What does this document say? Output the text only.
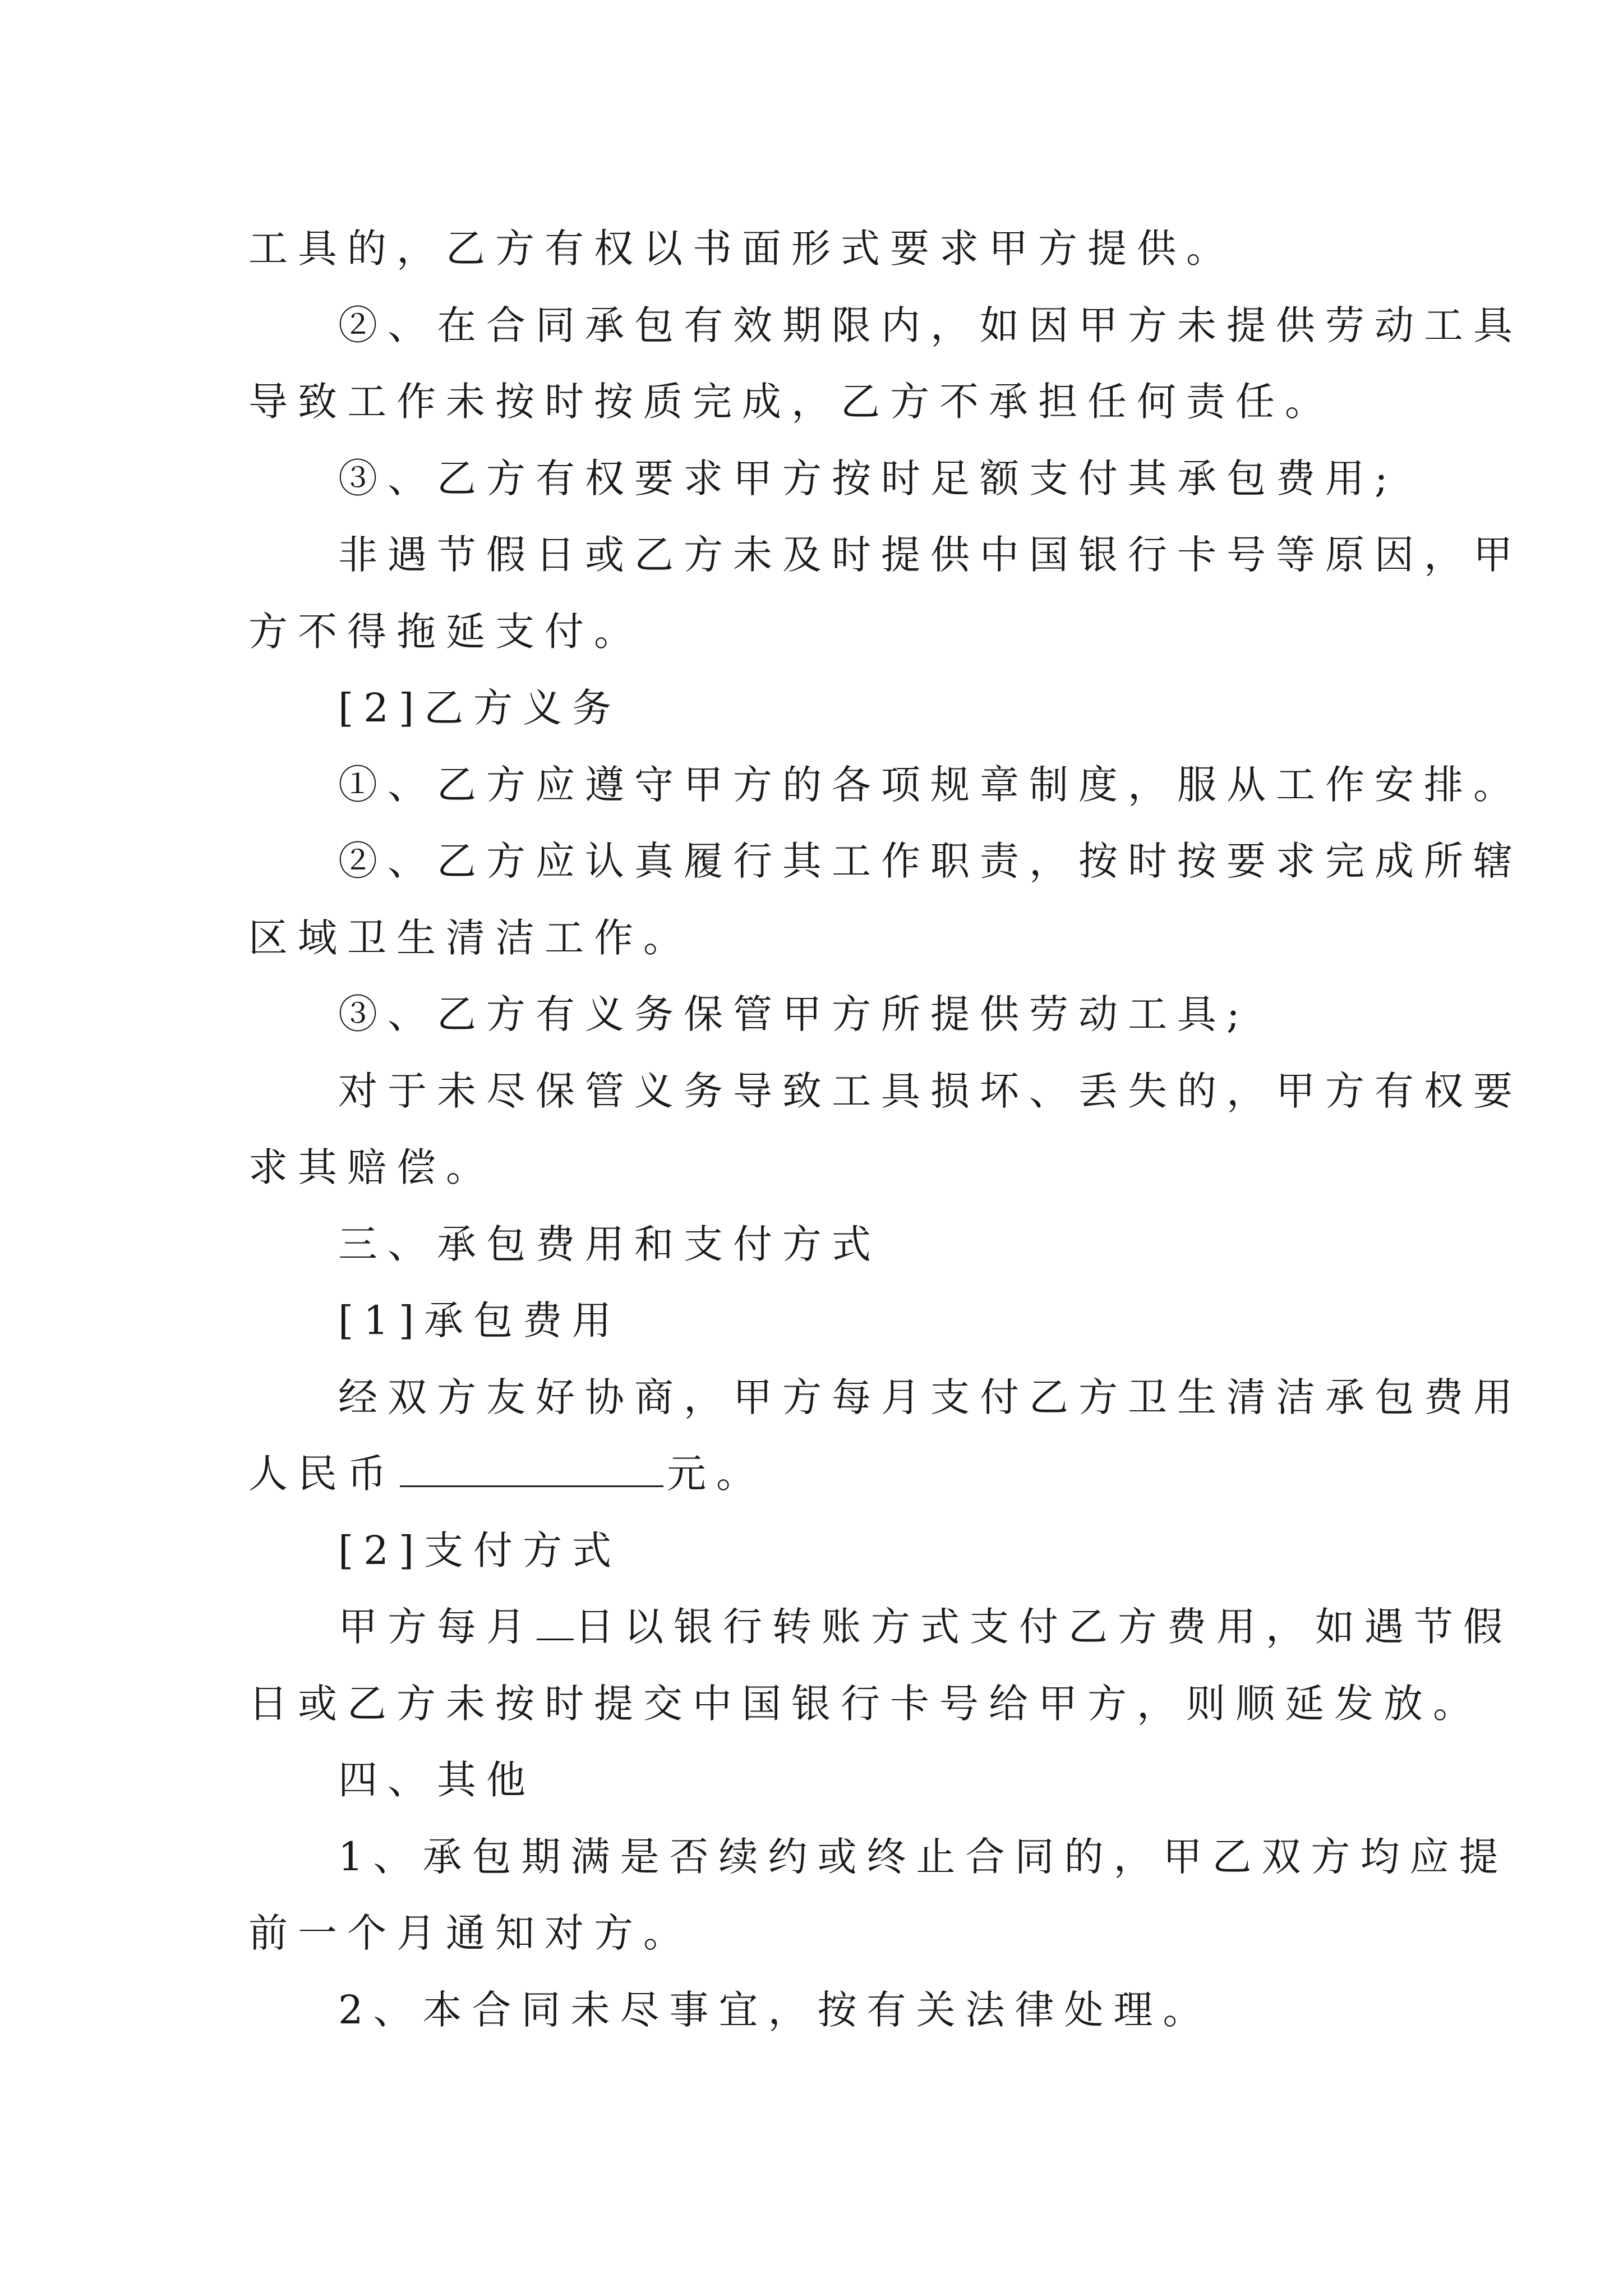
工具的，乙方有权以书面形式要求甲方提供。
②、在合同承包有效期限内，如因甲方未提供劳动工具
导致工作未按时按质完成，乙方不承担任何责任。
③、乙方有权要求甲方按时足额支付其承包费用;
非遇节假日或乙方未及时提供中国银行卡号等原因，甲
方不得拖延支付。
[2]乙方义务
①、乙方应遵守甲方的各项规章制度，服从工作安排。
②、乙方应认真履行其工作职责，按时按要求完成所辖
区域卫生清洁工作。
③、乙方有义务保管甲方所提供劳动工具;
对于未尽保管义务导致工具损坏、丢失的，甲方有权要
求其赔偿。
三、承包费用和支付方式
[1]承包费用
经双方友好协商，甲方每月支付乙方卫生清洁承包费用
人民币	元。
[2]支付方式
甲方每月 日以银行转账方式支付乙方费用，如遇节假
日或乙方未按时提交中国银行卡号给甲方，则顺延发放。
四、其他
1、承包期满是否续约或终止合同的，甲乙双方均应提
前一个月通知对方。
2、本合同未尽事宜，按有关法律处理。
